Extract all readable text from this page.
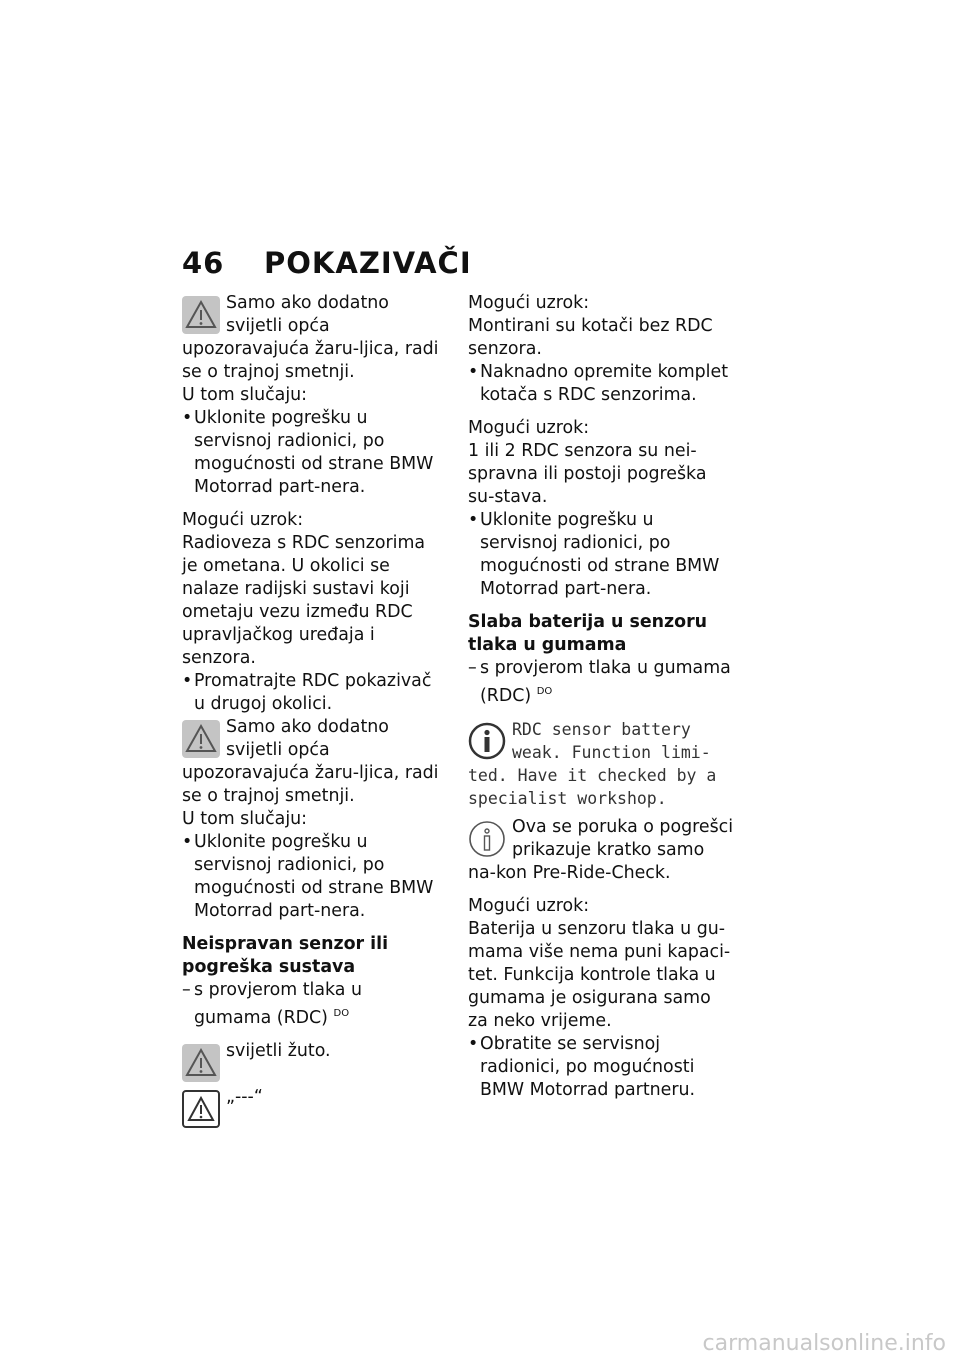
46 POKAZIVAČI

Samo ako dodatno svijetli opća upozoravajuća žaru-ljica, radi se o trajnoj smetnji.

U tom slučaju:

• Uklonite pogrešku u servisnoj radionici, po mogućnosti od strane BMW Motorrad part-nera.

Mogući uzrok:

Radioveza s RDC senzorima je ometana. U okolici se nalaze radijski sustavi koji ometaju vezu između RDC upravljačkog uređaja i senzora.

• Promatrajte RDC pokazivač u drugoj okolici.

Samo ako dodatno svijetli opća upozoravajuća žaru-ljica, radi se o trajnoj smetnji.

U tom slučaju:

• Uklonite pogrešku u servisnoj radionici, po mogućnosti od strane BMW Motorrad part-nera.

Neispravan senzor ili pogreška sustava

– s provjerom tlaka u gumama (RDC) $^{DO}$

svijetli žuto.

„---“

Mogući uzrok:

Montirani su kotači bez RDC senzora.

• Naknadno opremite komplet kotača s RDC senzorima.

Mogući uzrok:

1 ili 2 RDC senzora su nei-spravna ili postoji pogreška su-stava.

• Uklonite pogrešku u servisnoj radionici, po mogućnosti od strane BMW Motorrad part-nera.

Slaba baterija u senzoru tlaka u gumama

– s provjerom tlaka u gumama (RDC) $^{DO}$

RDC sensor battery weak. Function limi-ted. Have it checked by a specialist workshop.

Ova se poruka o pogrešci prikazuje kratko samo na-kon Pre-Ride-Check.

Mogući uzrok:

Baterija u senzoru tlaka u gu-mama više nema puni kapaci-tet. Funkcija kontrole tlaka u gumama je osigurana samo za neko vrijeme.

• Obratite se servisnoj radionici, po mogućnosti BMW Motorrad partneru.

carmanualsonline.info
